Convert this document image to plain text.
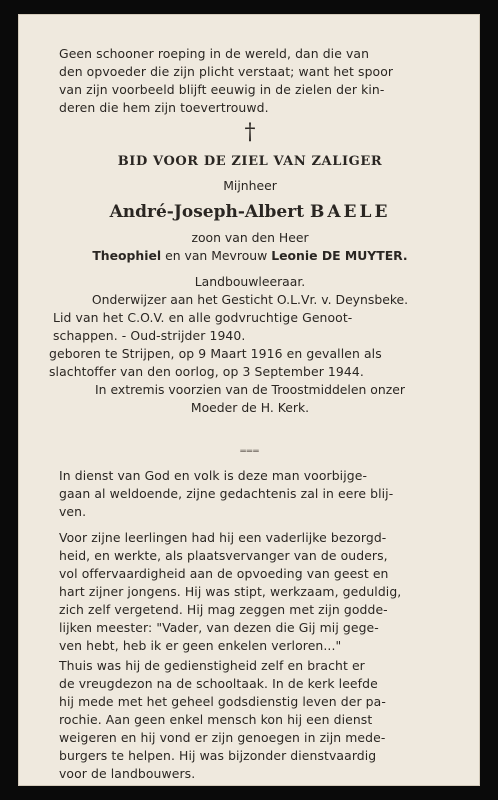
Geen schooner roeping in de wereld, dan die van
den opvoeder die zijn plicht verstaat; want het spoor
van zijn voorbeeld blijft eeuwig in de zielen der kin-
deren die hem zijn toevertrouwd.
†
BID VOOR DE ZIEL VAN ZALIGER
Mijnheer
André-Joseph-Albert BAELE
zoon van den Heer
Theophiel en van Mevrouw Leonie DE MUYTER.
Landbouwleeraar.
Onderwijzer aan het Gesticht O.L.Vr. v. Deynsbeke.
Lid van het C.O.V. en alle godvruchtige Genoot-
schappen. - Oud-strijder 1940.
geboren te Strijpen, op 9 Maart 1916 en gevallen als
slachtoffer van den oorlog, op 3 September 1944.
In extremis voorzien van de Troostmiddelen onzer
Moeder de H. Kerk.
═══
In dienst van God en volk is deze man voorbijge-
gaan al weldoende, zijne gedachtenis zal in eere blij-
ven.
Voor zijne leerlingen had hij een vaderlijke bezorgd-
heid, en werkte, als plaatsvervanger van de ouders,
vol offervaardigheid aan de opvoeding van geest en
hart zijner jongens. Hij was stipt, werkzaam, geduldig,
zich zelf vergetend. Hij mag zeggen met zijn godde-
lijken meester: "Vader, van dezen die Gij mij gege-
ven hebt, heb ik er geen enkelen verloren..."
Thuis was hij de gedienstigheid zelf en bracht er
de vreugdezon na de schooltaak. In de kerk leefde
hij mede met het geheel godsdienstig leven der pa-
rochie. Aan geen enkel mensch kon hij een dienst
weigeren en hij vond er zijn genoegen in zijn mede-
burgers te helpen. Hij was bijzonder dienstvaardig
voor de landbouwers.
